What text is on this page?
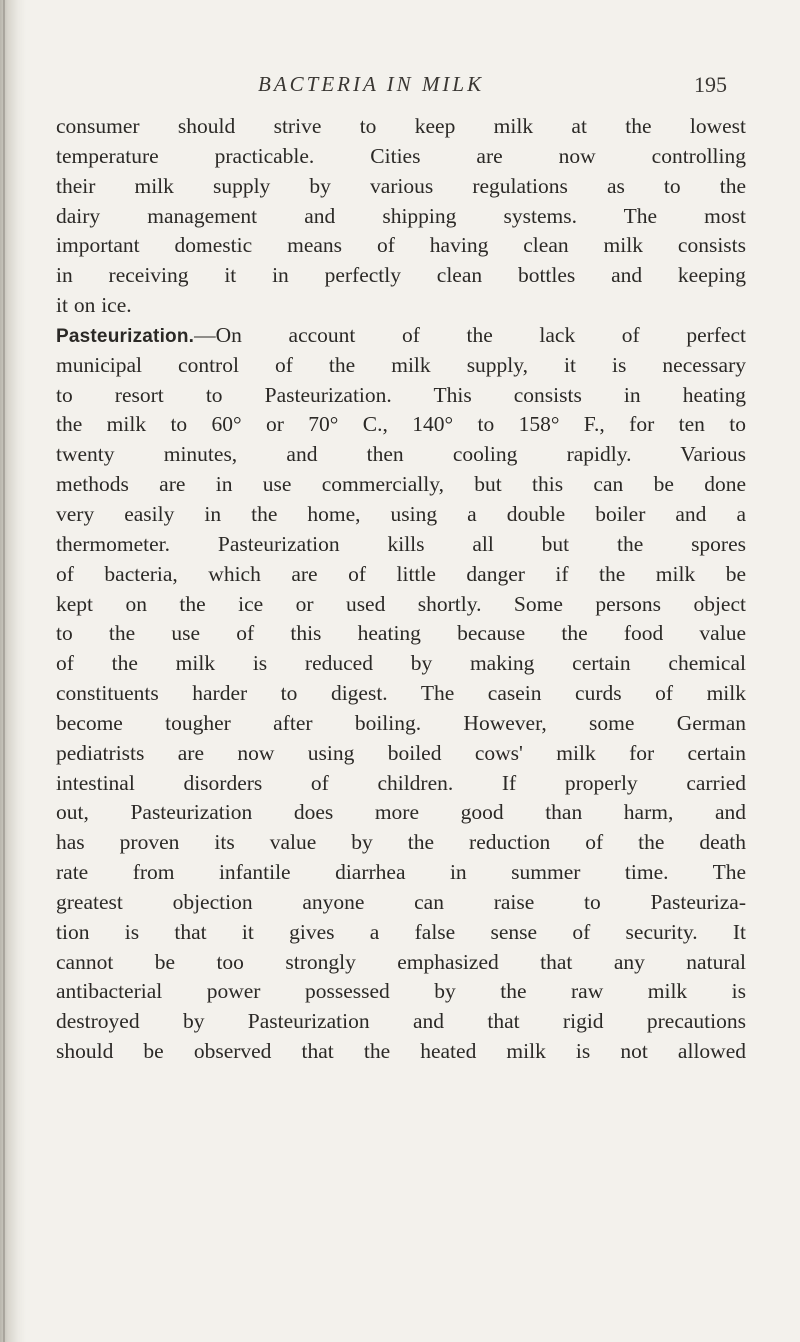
BACTERIA IN MILK	195
consumer should strive to keep milk at the lowest
temperature practicable. Cities are now controlling
their milk supply by various regulations as to the
dairy management and shipping systems. The most
important domestic means of having clean milk consists
in receiving it in perfectly clean bottles and keeping
it on ice.
Pasteurization.—On account of the lack of perfect
municipal control of the milk supply, it is necessary
to resort to Pasteurization. This consists in heating
the milk to 60° or 70° C., 140° to 158° F., for ten to
twenty minutes, and then cooling rapidly. Various
methods are in use commercially, but this can be done
very easily in the home, using a double boiler and a
thermometer. Pasteurization kills all but the spores
of bacteria, which are of little danger if the milk be
kept on the ice or used shortly. Some persons object
to the use of this heating because the food value
of the milk is reduced by making certain chemical
constituents harder to digest. The casein curds of milk
become tougher after boiling. However, some German
pediatrists are now using boiled cows' milk for certain
intestinal disorders of children. If properly carried
out, Pasteurization does more good than harm, and
has proven its value by the reduction of the death
rate from infantile diarrhea in summer time. The
greatest objection anyone can raise to Pasteuriza-
tion is that it gives a false sense of security. It
cannot be too strongly emphasized that any natural
antibacterial power possessed by the raw milk is
destroyed by Pasteurization and that rigid precautions
should be observed that the heated milk is not allowed
